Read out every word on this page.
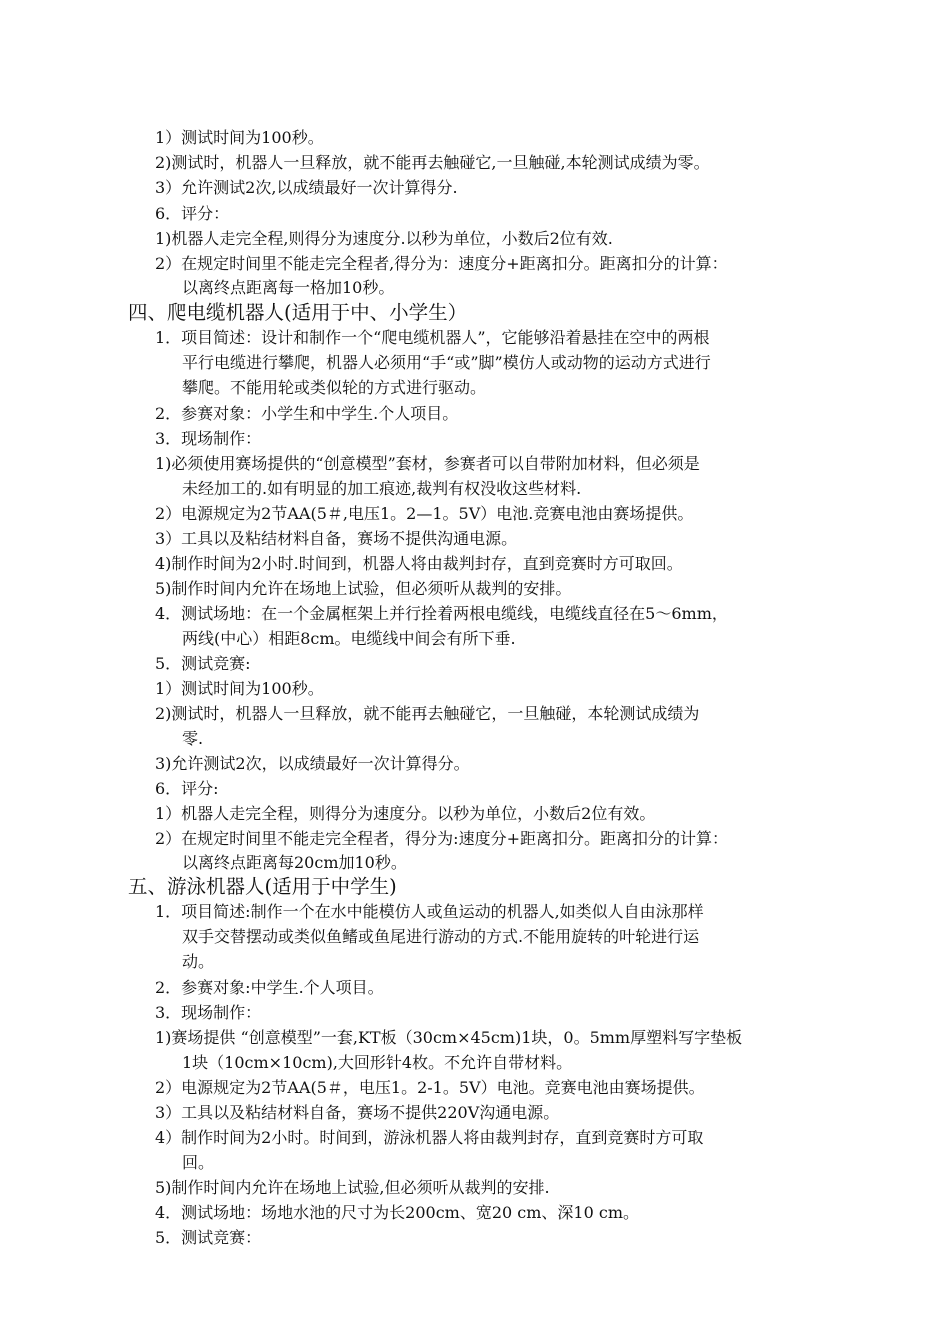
1）测试时间为100秒。
2)测试时，机器人一旦释放，就不能再去触碰它,一旦触碰,本轮测试成绩为零。
3）允许测试2次,以成绩最好一次计算得分.
6．评分：
1)机器人走完全程,则得分为速度分.以秒为单位，小数后2位有效.
2）在规定时间里不能走完全程者,得分为：速度分+距离扣分。距离扣分的计算：
以离终点距离每一格加10秒。
四、爬电缆机器人(适用于中、小学生）
1．项目简述：设计和制作一个“爬电缆机器人”，它能够沿着悬挂在空中的两根
平行电缆进行攀爬，机器人必须用“手“或”脚”模仿人或动物的运动方式进行
攀爬。不能用轮或类似轮的方式进行驱动。
2．参赛对象：小学生和中学生.个人项目。
3．现场制作：
1)必须使用赛场提供的“创意模型”套材，参赛者可以自带附加材料，但必须是
未经加工的.如有明显的加工痕迹,裁判有权没收这些材料.
2）电源规定为2节AA(5＃,电压1。2—1。5V）电池.竞赛电池由赛场提供。
3）工具以及粘结材料自备，赛场不提供沟通电源。
4)制作时间为2小时.时间到，机器人将由裁判封存，直到竞赛时方可取回。
5)制作时间内允许在场地上试验，但必须听从裁判的安排。
4．测试场地：在一个金属框架上并行拴着两根电缆线，电缆线直径在5～6mm，
两线(中心）相距8cm。电缆线中间会有所下垂.
5．测试竞赛:
1）测试时间为100秒。
2)测试时，机器人一旦释放，就不能再去触碰它，一旦触碰，本轮测试成绩为
零.
3)允许测试2次，以成绩最好一次计算得分。
6．评分:
1）机器人走完全程，则得分为速度分。以秒为单位，小数后2位有效。
2）在规定时间里不能走完全程者，得分为:速度分+距离扣分。距离扣分的计算：
以离终点距离每20cm加10秒。
五、游泳机器人(适用于中学生)
1．项目简述:制作一个在水中能模仿人或鱼运动的机器人,如类似人自由泳那样
双手交替摆动或类似鱼鳍或鱼尾进行游动的方式.不能用旋转的叶轮进行运
动。
2．参赛对象:中学生.个人项目。
3．现场制作：
1)赛场提供 “创意模型”一套,KT板（30cm×45cm)1块，0。5mm厚塑料写字垫板
1块（10cm×10cm),大回形针4枚。不允许自带材料。
2）电源规定为2节AA(5＃，电压1。2-1。5V）电池。竞赛电池由赛场提供。
3）工具以及粘结材料自备，赛场不提供220V沟通电源。
4）制作时间为2小时。时间到，游泳机器人将由裁判封存，直到竞赛时方可取
回。
5)制作时间内允许在场地上试验,但必须听从裁判的安排.
4．测试场地：场地水池的尺寸为长200cm、宽20 cm、深10 cm。
5．测试竞赛：
